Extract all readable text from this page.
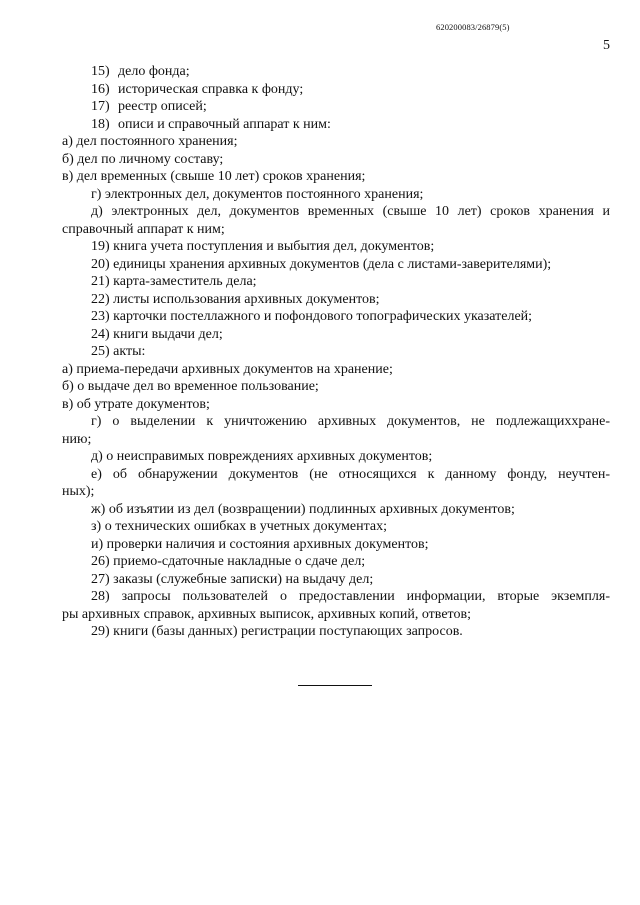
620200083/26879(5)
5
15) дело фонда;
16) историческая справка к фонду;
17) реестр описей;
18) описи и справочный аппарат к ним:
а) дел постоянного хранения;
б) дел по личному составу;
в) дел временных (свыше 10 лет) сроков хранения;
г) электронных дел, документов постоянного хранения;
д) электронных дел, документов временных (свыше 10 лет) сроков хранения и
справочный аппарат к ним;
19) книга учета поступления и выбытия дел, документов;
20) единицы хранения архивных документов (дела с листами-заверителями);
21) карта-заместитель дела;
22) листы использования архивных документов;
23) карточки постеллажного и пофондового топографических указателей;
24) книги выдачи дел;
25) акты:
а) приема-передачи архивных документов на хранение;
б) о выдаче дел во временное пользование;
в) об утрате документов;
г) о выделении к уничтожению архивных документов, не подлежащиххране-
нию;
д) о неисправимых повреждениях архивных документов;
е) об обнаружении документов (не относящихся к данному фонду, неучтен-
ных);
ж) об изъятии из дел (возвращении) подлинных архивных документов;
з) о технических ошибках в учетных документах;
и) проверки наличия и состояния архивных документов;
26) приемо-сдаточные накладные о сдаче дел;
27) заказы (служебные записки) на выдачу дел;
28) запросы пользователей о предоставлении информации, вторые экземпля-
ры архивных справок, архивных выписок, архивных копий, ответов;
29) книги (базы данных) регистрации поступающих запросов.
